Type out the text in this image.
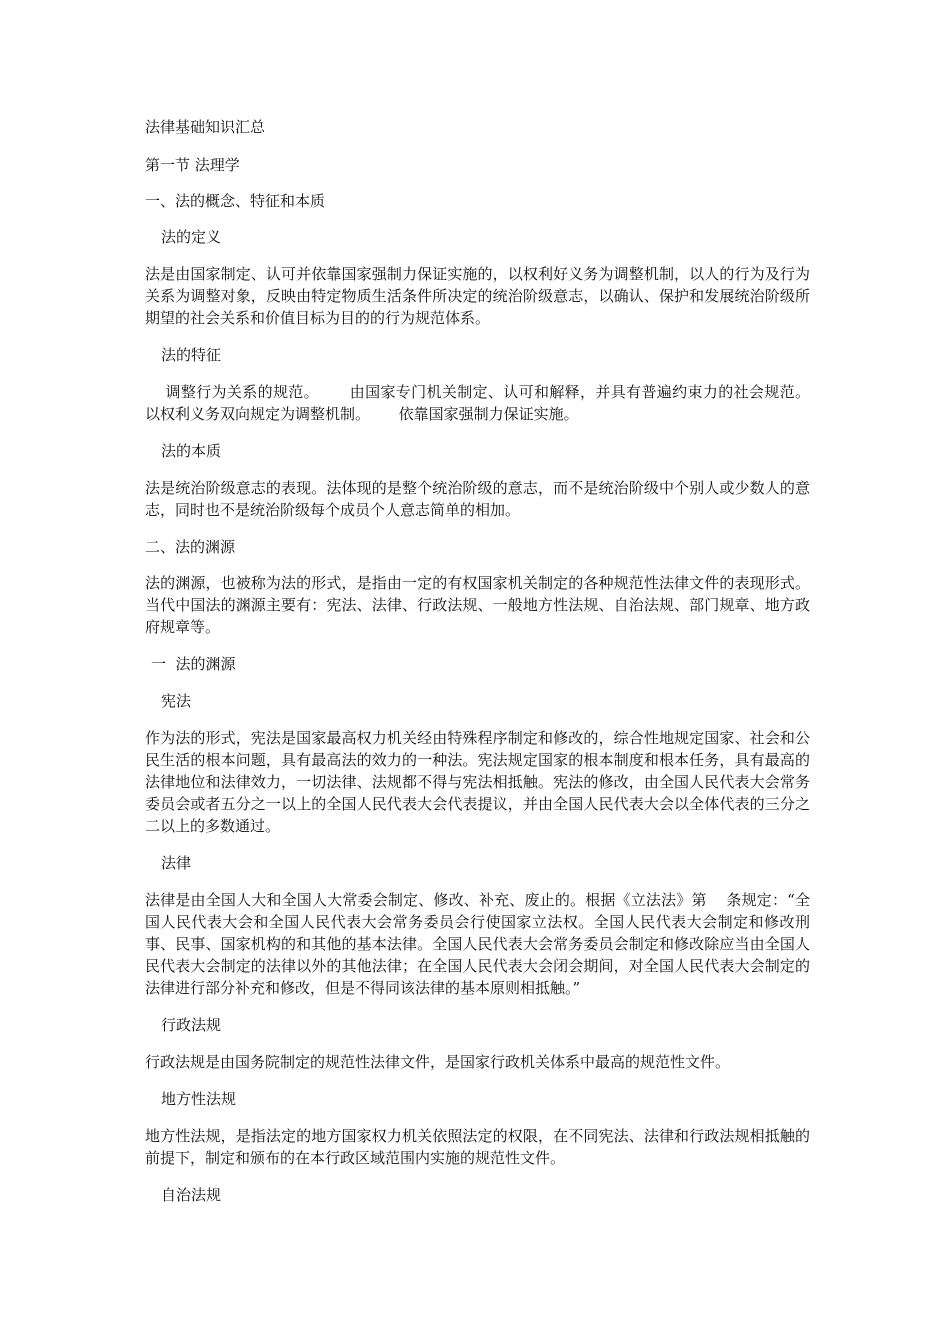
法律基础知识汇总

第一节 法理学

一、法的概念、特征和本质

法的定义

法是由国家制定、认可并依靠国家强制力保证实施的，以权利好义务为调整机制，以人的行为及行为关系为调整对象，反映由特定物质生活条件所决定的统治阶级意志，以确认、保护和发展统治阶级所期望的社会关系和价值目标为目的的行为规范体系。

法的特征

调整行为关系的规范。      由国家专门机关制定、认可和解释，并具有普遍约束力的社会规范。      以权利义务双向规定为调整机制。      依靠国家强制力保证实施。

法的本质

法是统治阶级意志的表现。法体现的是整个统治阶级的意志，而不是统治阶级中个别人或少数人的意志，同时也不是统治阶级每个成员个人意志简单的相加。

二、法的渊源

法的渊源，也被称为法的形式，是指由一定的有权国家机关制定的各种规范性法律文件的表现形式。当代中国法的渊源主要有：宪法、法律、行政法规、一般地方性法规、自治法规、部门规章、地方政府规章等。

一  法的渊源

宪法

作为法的形式，宪法是国家最高权力机关经由特殊程序制定和修改的，综合性地规定国家、社会和公民生活的根本问题，具有最高法的效力的一种法。宪法规定国家的根本制度和根本任务，具有最高的法律地位和法律效力，一切法律、法规都不得与宪法相抵触。宪法的修改，由全国人民代表大会常务委员会或者五分之一以上的全国人民代表大会代表提议，并由全国人民代表大会以全体代表的三分之二以上的多数通过。

法律

法律是由全国人大和全国人大常委会制定、修改、补充、废止的。根据《立法法》第    条规定：“全国人民代表大会和全国人民代表大会常务委员会行使国家立法权。全国人民代表大会制定和修改刑事、民事、国家机构的和其他的基本法律。全国人民代表大会常务委员会制定和修改除应当由全国人民代表大会制定的法律以外的其他法律；在全国人民代表大会闭会期间，对全国人民代表大会制定的法律进行部分补充和修改，但是不得同该法律的基本原则相抵触。”

行政法规

行政法规是由国务院制定的规范性法律文件，是国家行政机关体系中最高的规范性文件。

地方性法规

地方性法规，是指法定的地方国家权力机关依照法定的权限，在不同宪法、法律和行政法规相抵触的前提下，制定和颁布的在本行政区域范围内实施的规范性文件。

自治法规
